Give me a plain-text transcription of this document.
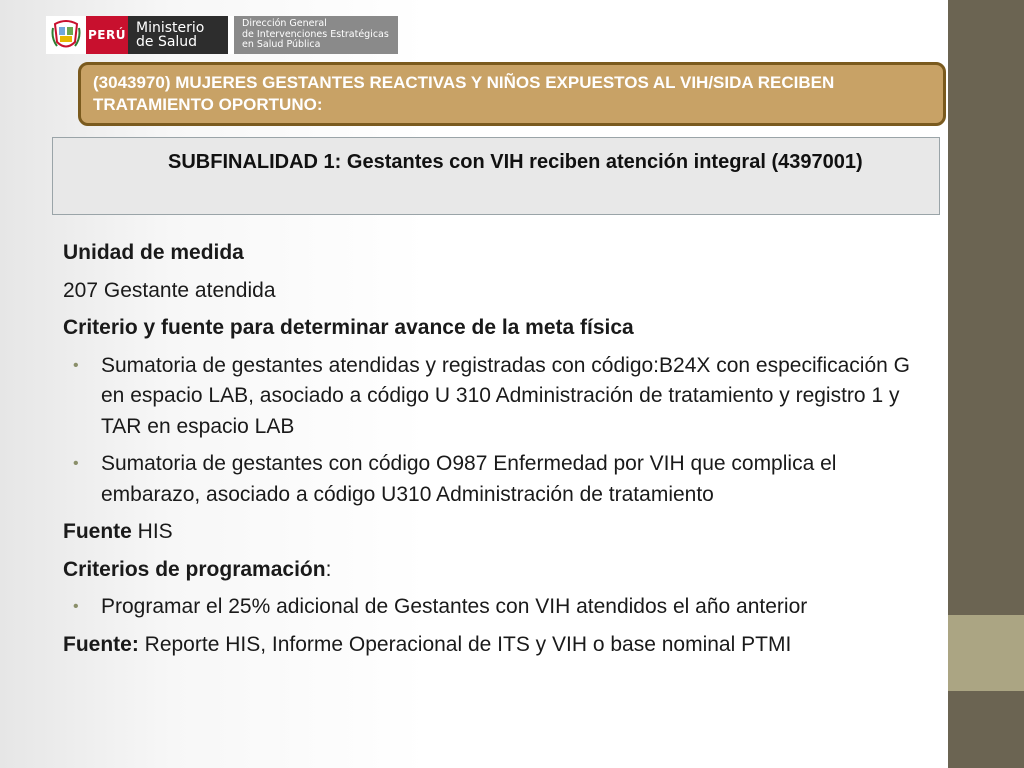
PERÚ Ministerio
de Salud
Dirección General
de Intervenciones Estratégicas
en Salud Pública
(3043970) MUJERES GESTANTES REACTIVAS Y NIÑOS EXPUESTOS AL VIH/SIDA RECIBEN TRATAMIENTO OPORTUNO:
SUBFINALIDAD 1: Gestantes con VIH reciben atención integral (4397001)

Unidad de medida

207 Gestante atendida

Criterio y fuente para determinar avance de la meta física

• Sumatoria de gestantes atendidas y registradas con código:B24X con especificación G en espacio LAB, asociado a código U 310 Administración de tratamiento y registro 1 y TAR en espacio LAB
• Sumatoria de gestantes con código O987 Enfermedad por VIH que complica el embarazo, asociado a código U310 Administración de tratamiento

Fuente HIS

Criterios de programación:

• Programar el 25% adicional de Gestantes con VIH atendidos el año anterior

Fuente: Reporte HIS, Informe Operacional de ITS y VIH o base nominal PTMI
